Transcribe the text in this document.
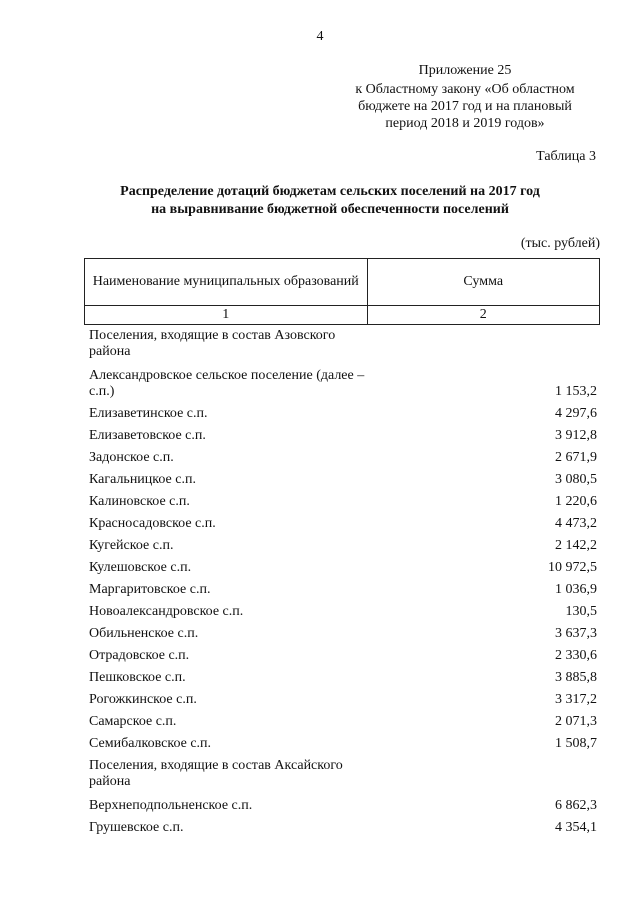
4
Приложение 25
к Областному закону «Об областном
бюджете на 2017 год и на плановый
период 2018 и 2019 годов»
Таблица 3
Распределение дотаций бюджетам сельских поселений на 2017 год
на выравнивание бюджетной обеспеченности поселений
(тыс. рублей)
Наименование муниципальных образований	Сумма
1	2
Поселения, входящие в состав Азовского района
Александровское сельское поселение (далее – с.п.)	1 153,2
Елизаветинское с.п.	4 297,6
Елизаветовское с.п.	3 912,8
Задонское с.п.	2 671,9
Кагальницкое с.п.	3 080,5
Калиновское с.п.	1 220,6
Красносадовское с.п.	4 473,2
Кугейское с.п.	2 142,2
Кулешовское с.п.	10 972,5
Маргаритовское с.п.	1 036,9
Новоалександровское с.п.	130,5
Обильненское с.п.	3 637,3
Отрадовское с.п.	2 330,6
Пешковское с.п.	3 885,8
Рогожкинское с.п.	3 317,2
Самарское с.п.	2 071,3
Семибалковское с.п.	1 508,7
Поселения, входящие в состав Аксайского района
Верхнеподпольненское с.п.	6 862,3
Грушевское с.п.	4 354,1
